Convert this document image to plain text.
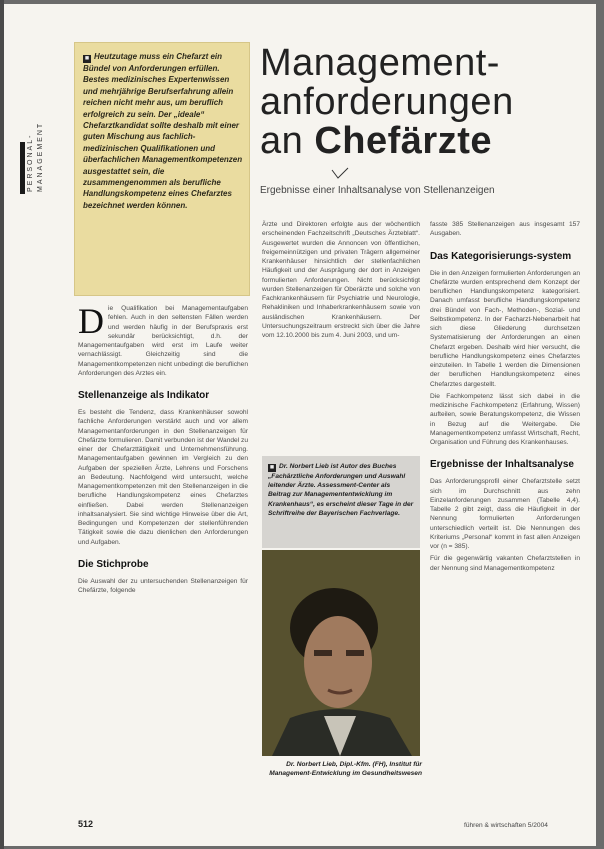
PERSONAL-MANAGEMENT

■ Heutzutage muss ein Chefarzt ein Bündel von Anforderungen erfüllen. Bestes medizinisches Expertenwissen und mehrjährige Berufserfahrung allein reichen nicht mehr aus, um beruflich erfolgreich zu sein. Der „ideale“ Chefarztkandidat sollte deshalb mit einer guten Mischung aus fachlich-medizinischen Qualifikationen und überfachlichen Managementkompetenzen ausgestattet sein, die zusammengenommen als berufliche Handlungskompetenz eines Chefarztes bezeichnet werden können.

Management-
anforderungen
an Chefärzte
Ergebnisse einer Inhaltsanalyse von Stellenanzeigen

Die Qualifikation bei Managementaufgaben fehlen. Auch in den seltensten Fällen werden und werden häufig in der Berufspraxis erst sekundär berücksichtigt, d.h. der Managementaufgaben wird erst im Laufe weiter vernachlässigt. Gleichzeitig sind die Managementkompetenzen nicht unbedingt die beruflichen Anforderungen des Arztes ein.

Stellenanzeige als Indikator

Es besteht die Tendenz, dass Krankenhäuser sowohl fachliche Anforderungen verstärkt auch und vor allem Managementanforderungen in den Stellenanzeigen für Chefärzte formulieren. Damit verbunden ist der Wandel zu einer der Chefarzttätigkeit und Unternehmensführung. Managementaufgaben gewinnen im Vergleich zu den Aufgaben der speziellen Ärzte, Lehrens und Forschens an Bedeutung. Nachfolgend wird untersucht, welche Managementkompetenzen mit den Stellenanzeigen in die berufliche Handlungskompetenz eines Chefarztes einfließen. Dabei werden Stellenanzeigen inhaltsanalysiert. Sie sind wichtige Hinweise über die Art, Bedingungen und Kompetenzen der stellenführenden Tätigkeit sowie die dazu dienlichen den Anforderungen und Aufgaben.

Die Stichprobe

Die Auswahl der zu untersuchenden Stellenanzeigen für Chefärzte, folgende

Ärzte und Direktoren erfolgte aus der wöchentlich erscheinenden Fachzeitschrift „Deutsches Ärzteblatt“. Ausgewertet wurden die Annoncen von öffentlichen, freigemeinnützigen und privaten Trägern allgemeiner Krankenhäuser hinsichtlich der stellenfachlichen Häufigkeit und der Ausprägung der dort in Anzeigen formulierten Anforderungen. Nicht berücksichtigt wurden Stellenanzeigen für Oberärzte und solche von Fachkrankenhäusern für Psychiatrie und Neurologie, Rehakliniken und Inhaberkrankenhäusern sowie von ausländischen Krankenhäusern. Der Untersuchungszeitraum erstreckt sich über die Jahre vom 12.10.2000 bis zum 4. Juni 2003, und um-

■ Dr. Norbert Lieb ist Autor des Buches „Fachärztliche Anforderungen und Auswahl leitender Ärzte. Assessment-Center als Beitrag zur Managemententwicklung im Krankenhaus“, es erscheint dieser Tage in der Schriftreihe der Bayerischen Fachverlage.

Dr. Norbert Lieb, Dipl.-Kfm. (FH), Institut für Management-Entwicklung im Gesundheitswesen

fasste 385 Stellenanzeigen aus insgesamt 157 Ausgaben.

Das Kategorisierungs-system

Die in den Anzeigen formulierten Anforderungen an Chefärzte wurden entsprechend dem Konzept der beruflichen Handlungskompetenz kategorisiert. Danach umfasst berufliche Handlungskompetenz drei Bündel von Fach-, Methoden-, Sozial- und Selbstkompetenz. In der Facharzt-Nebenarbeit hat sich diese Gliederung durchsetzen Systematisierung der Anforderungen an einen Chefarzt ergeben. Deshalb wird hier versucht, die berufliche Handlungskompetenz eines Chefarztes einzuteilen. In Tabelle 1 werden die Dimensionen der beruflichen Handlungskompetenz eines Chefarztes dargestellt.

Die Fachkompetenz lässt sich dabei in die medizinische Fachkompetenz (Erfahrung, Wissen) aufteilen, sowie Beratungskompetenz, die Wissen in Bezug auf die Weitergabe. Die Managementkompetenz umfasst Wirtschaft, Recht, Organisation und Führung des Krankenhauses.

Ergebnisse der Inhaltsanalyse

Das Anforderungsprofil einer Chefarztstelle setzt sich im Durchschnitt aus zehn Einzelanforderungen zusammen (Tabelle 4,4). Tabelle 2 gibt zeigt, dass die Häufigkeit in der Nennung formulierten Anforderungen unterschiedlich verteilt ist. Die Nennungen des Kriteriums „Personal“ kommt in fast allen Anzeigen vor (n = 385).

Für die gegenwärtig vakanten Chefarztstellen in der Nennung sind Managementkompetenz

512	führen & wirtschaften 5/2004
